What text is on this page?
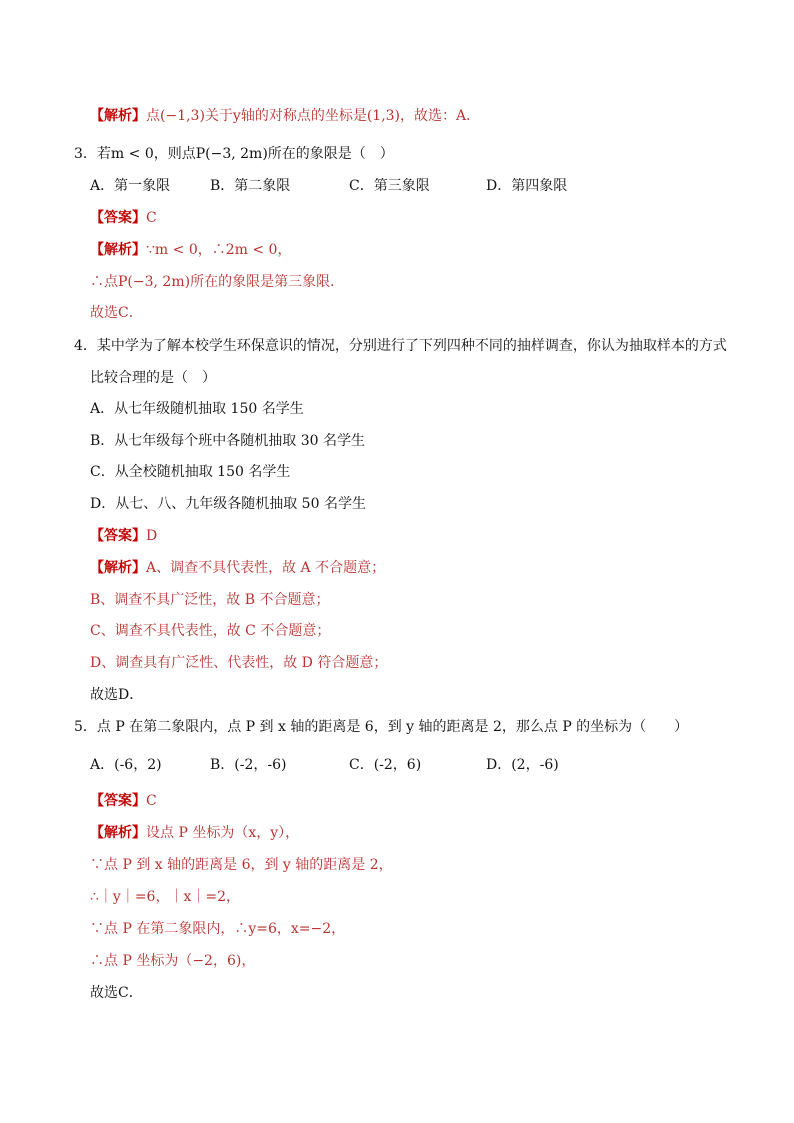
【解析】点(−1,3)关于y轴的对称点的坐标是(1,3)，故选：A．
3．若m < 0，则点P(−3, 2m)所在的象限是（　）
A．第一象限	B．第二象限	C．第三象限	D．第四象限
【答案】C
【解析】∵m < 0，∴2m < 0，
∴点P(−3, 2m)所在的象限是第三象限．
故选C．
4．某中学为了解本校学生环保意识的情况，分别进行了下列四种不同的抽样调查，你认为抽取样本的方式
比较合理的是（　）
A．从七年级随机抽取 150 名学生
B．从七年级每个班中各随机抽取 30 名学生
C．从全校随机抽取 150 名学生
D．从七、八、九年级各随机抽取 50 名学生
【答案】D
【解析】A、调查不具代表性，故 A 不合题意；
B、调查不具广泛性，故 B 不合题意；
C、调查不具代表性，故 C 不合题意；
D、调查具有广泛性、代表性，故 D 符合题意；
故选D．
5．点 P 在第二象限内，点 P 到 x 轴的距离是 6，到 y 轴的距离是 2，那么点 P 的坐标为（　　）
A．(-6，2)	B．(-2，-6)	C．(-2，6)	D．(2，-6)
【答案】C
【解析】设点 P 坐标为（x，y），
∵点 P 到 x 轴的距离是 6，到 y 轴的距离是 2，
∴｜y｜=6，｜x｜=2，
∵点 P 在第二象限内，∴y=6，x=−2，
∴点 P 坐标为（−2，6)，
故选C．
